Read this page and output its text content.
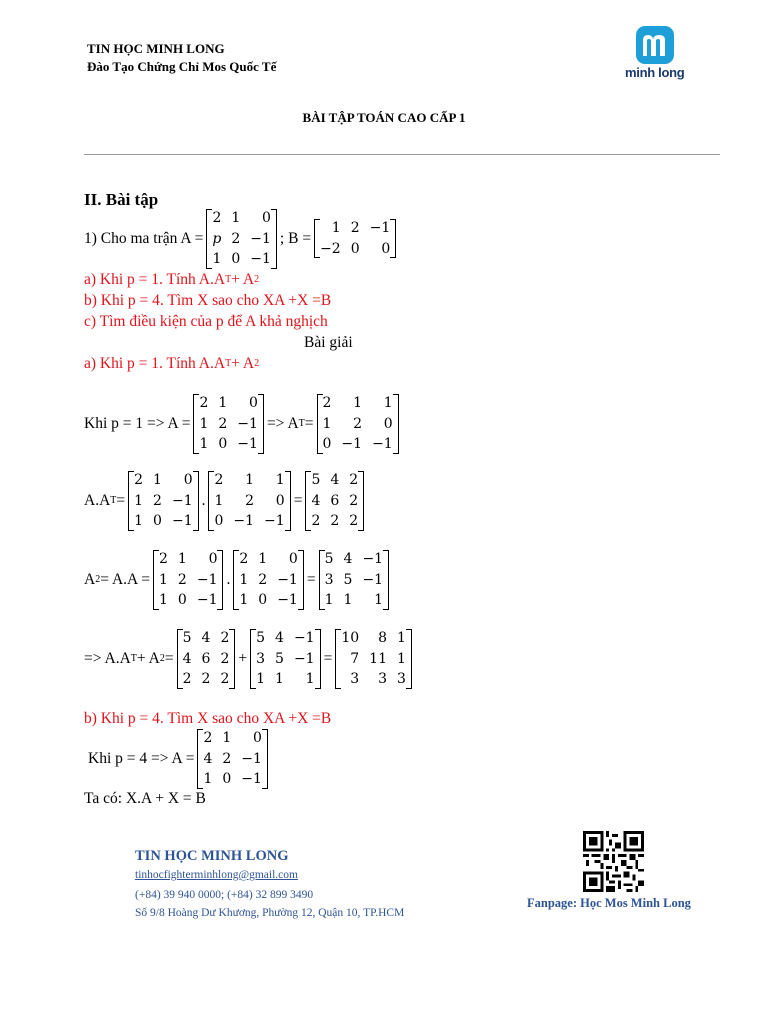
TIN HỌC MINH LONG
Đào Tạo Chứng Chỉ Mos Quốc Tế	minh long
BÀI TẬP TOÁN CAO CẤP 1
II. Bài tập
1) Cho ma trận A =
2 1	0
p 2 −1
1 0 −1
; B =
1 2 −1
−2 0	0
a) Khi p = 1. Tính A.A T + A 2
b) Khi p = 4. Tìm X sao cho XA +X =B
c) Tìm điều kiện của p để A khả nghịch
Bài giải
a) Khi p = 1. Tính A.A T + A 2
Khi p = 1 => A =
2 1	0
1 2 −1
1 0 −1
=> A T =
2	1	1
1	2	0
0 −1 −1
A.A T =
2 1	0
1 2 −1
1 0 −1
.
2	1	1
1	2	0
0 −1 −1
=
5 4 2
4 6 2
2 2 2
A 2 = A.A =
2 1	0
1 2 −1
1 0 −1
.
2 1	0
1 2 −1
1 0 −1
=
5 4 −1
3 5 −1
1 1	1
=> A.A T + A 2 =
5 4 2
4 6 2
2 2 2
+
5 4 −1
3 5 −1
1 1	1
=
10	8 1
7 11 1
3	3 3
b) Khi p = 4. Tìm X sao cho XA +X =B
Khi p = 4 => A =
2 1	0
4 2 −1
1 0 −1
Ta có: X.A + X = B
TIN HỌC MINH LONG
tinhocfighterminhlong@gmail.com
(+84) 39 940 0000; (+84) 32 899 3490
Số 9/8 Hoàng Dư Khương, Phường 12, Quận 10, TP.HCM
Fanpage: Học Mos Minh Long
